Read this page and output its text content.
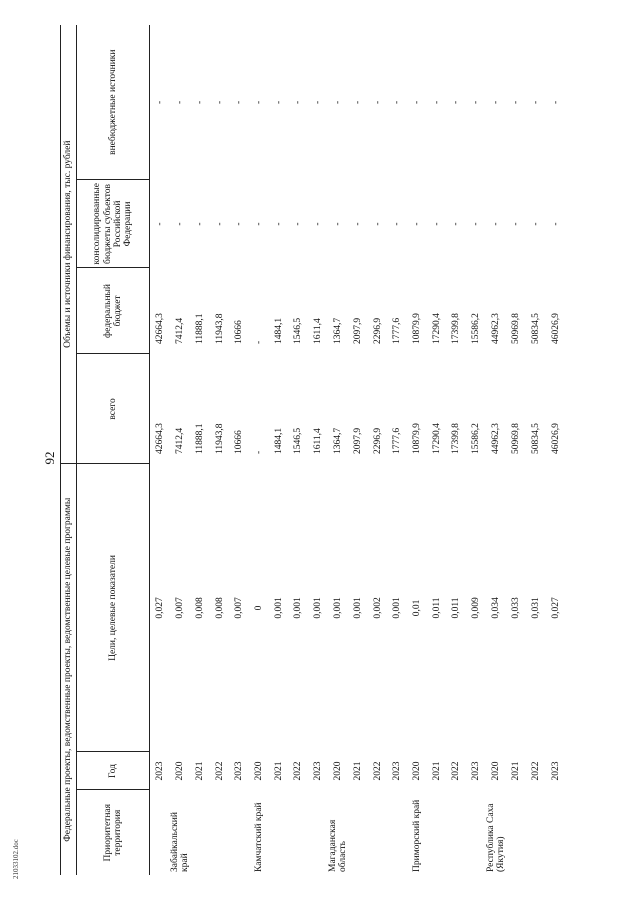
92
21033102.doc
Федеральные проекты, ведомственные проекты, ведомственные целевые программы			Объемы и источники финансирования, тыс. рублей			
Приоритетная территория	Год	Цели, целевые показатели	всего	федеральный бюджет	консолидированные бюджеты субъектов Российской Федерации	внебюджетные источники
	2023	0,027	42664,3	42664,3	-	-
Забайкальский край	2020	0,007	7412,4	7412,4	-	-
	2021	0,008	11888,1	11888,1	-	-
	2022	0,008	11943,8	11943,8	-	-
	2023	0,007	10666	10666	-	-
Камчатский край	2020	0	-	-	-	-
	2021	0,001	1484,1	1484,1	-	-
	2022	0,001	1546,5	1546,5	-	-
	2023	0,001	1611,4	1611,4	-	-
Магаданская область	2020	0,001	1364,7	1364,7	-	-
	2021	0,001	2097,9	2097,9	-	-
	2022	0,002	2296,9	2296,9	-	-
	2023	0,001	1777,6	1777,6	-	-
Приморский край	2020	0,01	10879,9	10879,9	-	-
	2021	0,011	17290,4	17290,4	-	-
	2022	0,011	17399,8	17399,8	-	-
	2023	0,009	15586,2	15586,2	-	-
Республика Саха (Якутия)	2020	0,034	44962,3	44962,3	-	-
	2021	0,033	50969,8	50969,8	-	-
	2022	0,031	50834,5	50834,5	-	-
	2023	0,027	46026,9	46026,9	-	-
